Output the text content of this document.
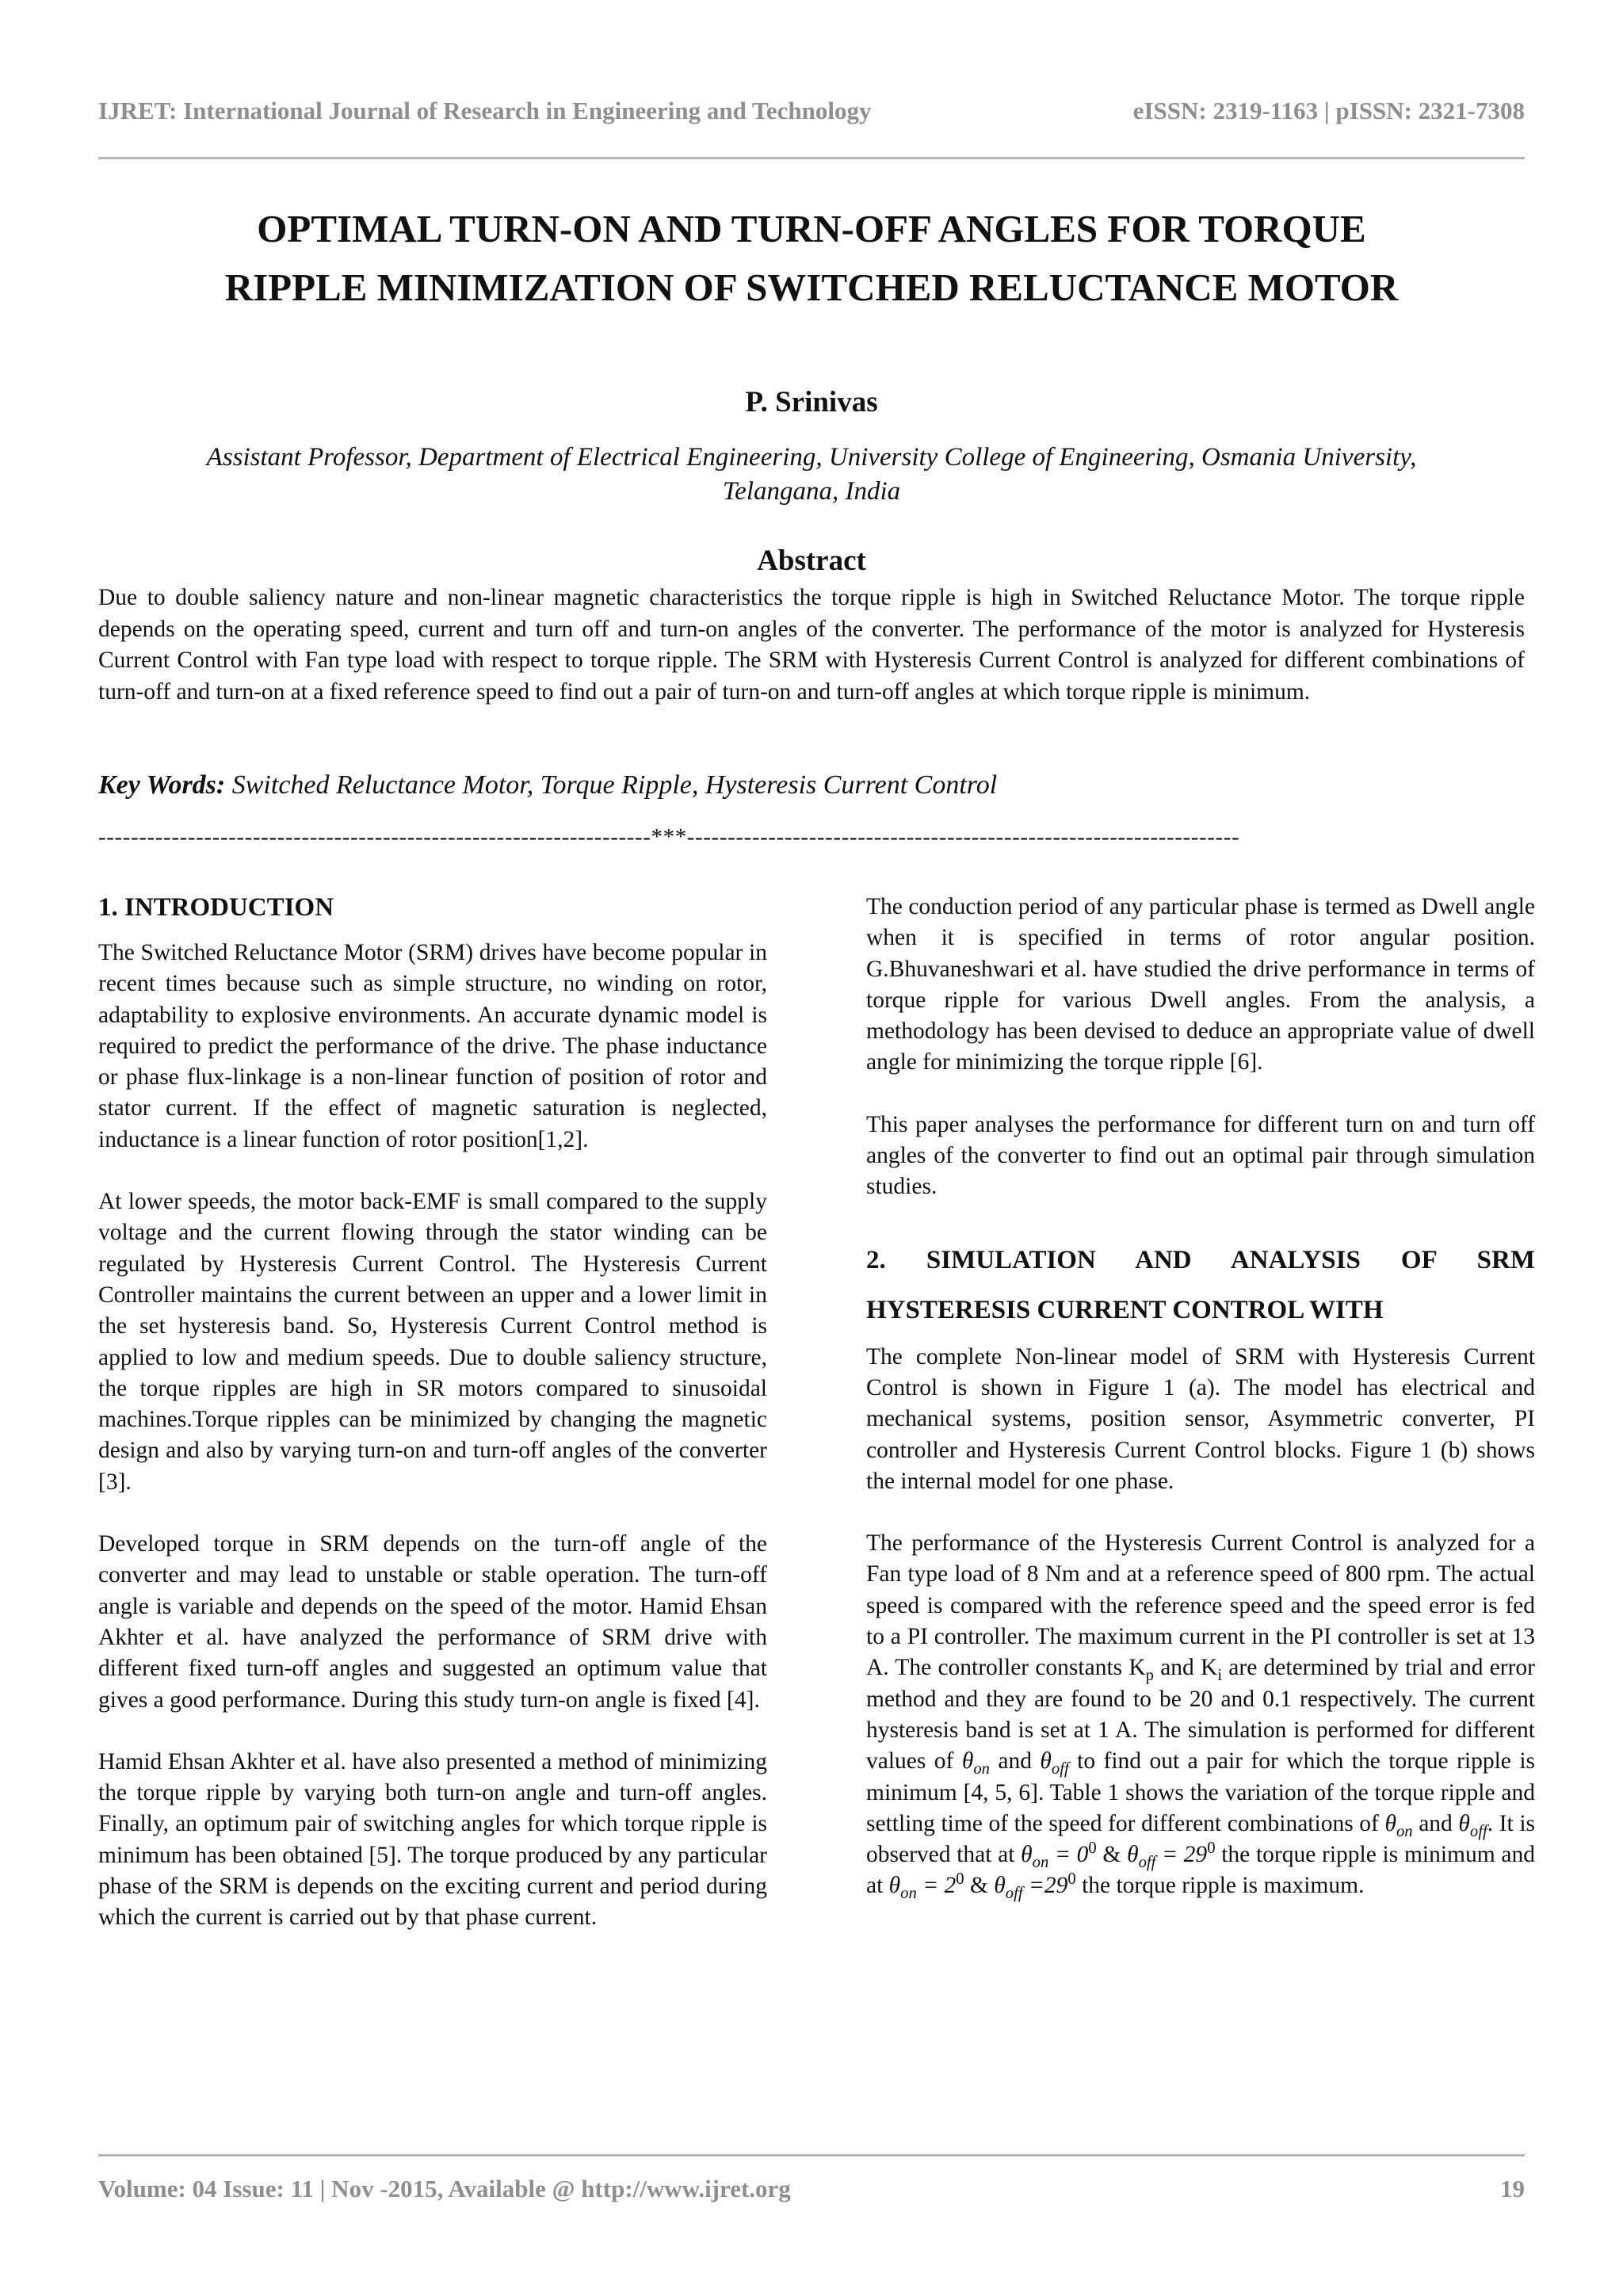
IJRET: International Journal of Research in Engineering and Technology	eISSN: 2319-1163 | pISSN: 2321-7308
OPTIMAL TURN-ON AND TURN-OFF ANGLES FOR TORQUE
RIPPLE MINIMIZATION OF SWITCHED RELUCTANCE MOTOR
P. Srinivas
Assistant Professor, Department of Electrical Engineering, University College of Engineering, Osmania University,
Telangana, India
Abstract

Due to double saliency nature and non-linear magnetic characteristics the torque ripple is high in Switched Reluctance Motor. The torque ripple depends on the operating speed, current and turn off and turn-on angles of the converter. The performance of the motor is analyzed for Hysteresis Current Control with Fan type load with respect to torque ripple. The SRM with Hysteresis Current Control is analyzed for different combinations of turn-off and turn-on at a fixed reference speed to find out a pair of turn-on and turn-off angles at which torque ripple is minimum.

Key Words: Switched Reluctance Motor, Torque Ripple, Hysteresis Current Control
--------------------------------------------------------------------***--------------------------------------------------------------------
1. INTRODUCTION

The Switched Reluctance Motor (SRM) drives have become popular in recent times because such as simple structure, no winding on rotor, adaptability to explosive environments. An accurate dynamic model is required to predict the performance of the drive. The phase inductance or phase flux-linkage is a non-linear function of position of rotor and stator current. If the effect of magnetic saturation is neglected, inductance is a linear function of rotor position[1,2].

At lower speeds, the motor back-EMF is small compared to the supply voltage and the current flowing through the stator winding can be regulated by Hysteresis Current Control. The Hysteresis Current Controller maintains the current between an upper and a lower limit in the set hysteresis band. So, Hysteresis Current Control method is applied to low and medium speeds. Due to double saliency structure, the torque ripples are high in SR motors compared to sinusoidal machines.Torque ripples can be minimized by changing the magnetic design and also by varying turn-on and turn-off angles of the converter [3].

Developed torque in SRM depends on the turn-off angle of the converter and may lead to unstable or stable operation. The turn-off angle is variable and depends on the speed of the motor. Hamid Ehsan Akhter et al. have analyzed the performance of SRM drive with different fixed turn-off angles and suggested an optimum value that gives a good performance. During this study turn-on angle is fixed [4].

Hamid Ehsan Akhter et al. have also presented a method of minimizing the torque ripple by varying both turn-on angle and turn-off angles. Finally, an optimum pair of switching angles for which torque ripple is minimum has been obtained [5]. The torque produced by any particular phase of the SRM is depends on the exciting current and period during which the current is carried out by that phase current.

The conduction period of any particular phase is termed as Dwell angle when it is specified in terms of rotor angular position. G.Bhuvaneshwari et al. have studied the drive performance in terms of torque ripple for various Dwell angles. From the analysis, a methodology has been devised to deduce an appropriate value of dwell angle for minimizing the torque ripple [6].

This paper analyses the performance for different turn on and turn off angles of the converter to find out an optimal pair through simulation studies.

2. SIMULATION AND ANALYSIS OF SRM
HYSTERESIS CURRENT CONTROL WITH

The complete Non-linear model of SRM with Hysteresis Current Control is shown in Figure 1 (a). The model has electrical and mechanical systems, position sensor, Asymmetric converter, PI controller and Hysteresis Current Control blocks. Figure 1 (b) shows the internal model for one phase.

The performance of the Hysteresis Current Control is analyzed for a Fan type load of 8 Nm and at a reference speed of 800 rpm. The actual speed is compared with the reference speed and the speed error is fed to a PI controller. The maximum current in the PI controller is set at 13 A. The controller constants $K_p$ and $K_i$ are determined by trial and error method and they are found to be 20 and 0.1 respectively. The current hysteresis band is set at 1 A. The simulation is performed for different values of $\theta_{on}$ and $\theta_{off}$ to find out a pair for which the torque ripple is minimum [4, 5, 6]. Table 1 shows the variation of the torque ripple and settling time of the speed for different combinations of $\theta_{on}$ and $\theta_{off}$. It is observed that at $\theta_{on} = 0^0$ & $\theta_{off} = 29^0$ the torque ripple is minimum and at $\theta_{on} = 2^0$ & $\theta_{off} =29^0$ the torque ripple is maximum.

Volume: 04 Issue: 11 | Nov -2015, Available @ http://www.ijret.org	19
